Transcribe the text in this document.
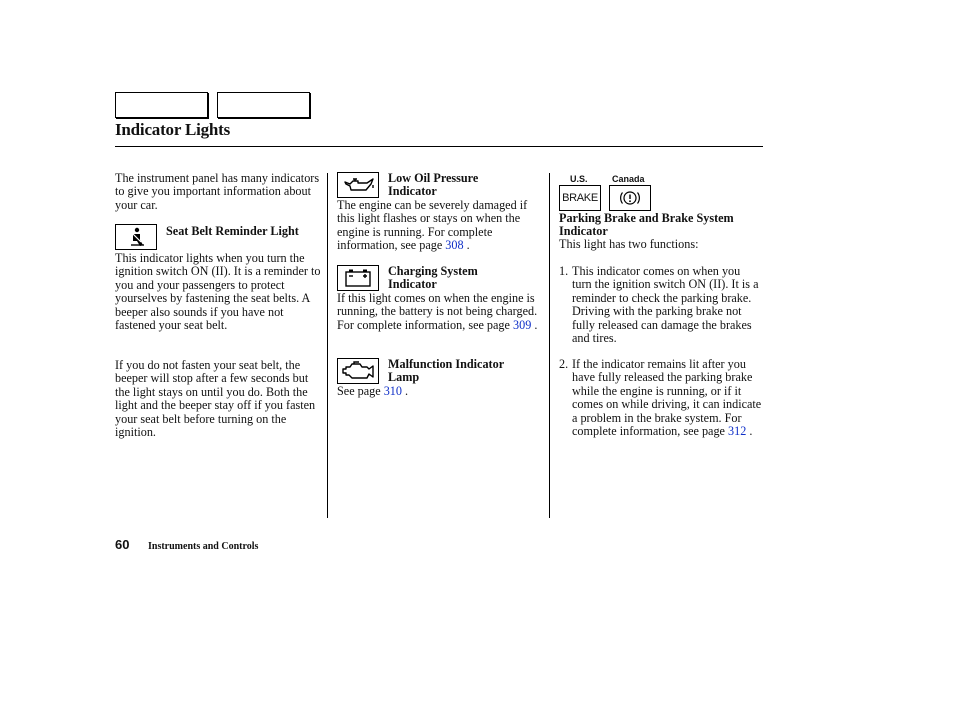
Indicator Lights
The instrument panel has many indicators to give you important information about your car.
Seat Belt Reminder Light
This indicator lights when you turn the ignition switch ON (II). It is a reminder to you and your passengers to protect yourselves by fastening the seat belts. A beeper also sounds if you have not fastened your seat belt.
If you do not fasten your seat belt, the beeper will stop after a few seconds but the light stays on until you do. Both the light and the beeper stay off if you fasten your seat belt before turning on the ignition.
Low Oil Pressure Indicator
The engine can be severely damaged if this light flashes or stays on when the engine is running. For complete information, see page 308 .
Charging System Indicator
If this light comes on when the engine is running, the battery is not being charged. For complete information, see page 309 .
Malfunction Indicator Lamp
See page 310 .
U.S.	Canada
BRAKE
Parking Brake and Brake System Indicator
This light has two functions:
1. This indicator comes on when you turn the ignition switch ON (II). It is a reminder to check the parking brake. Driving with the parking brake not fully released can damage the brakes and tires.
2. If the indicator remains lit after you have fully released the parking brake while the engine is running, or if it comes on while driving, it can indicate a problem in the brake system. For complete information, see page 312 .
60 Instruments and Controls
